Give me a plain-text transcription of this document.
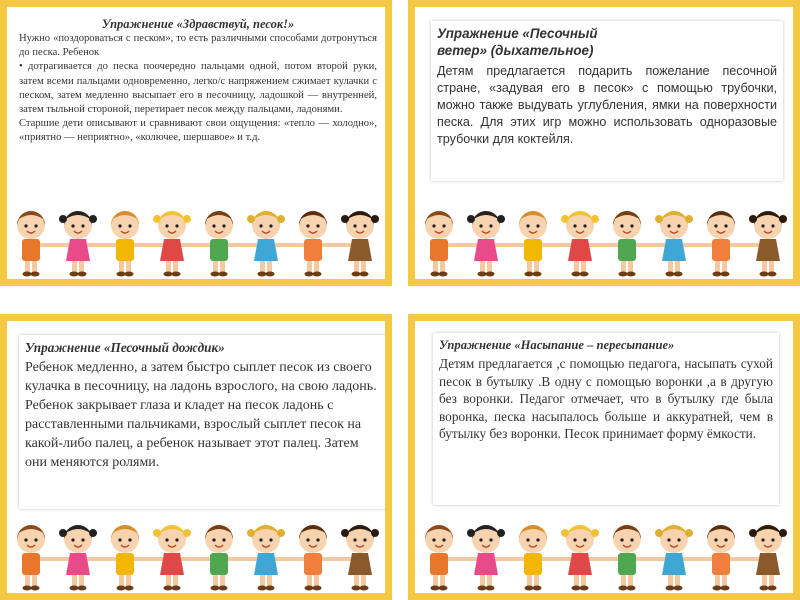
Упражнение «Здравствуй, песок!»

Нужно «поздороваться с песком», то есть различными способами дотронуться до песка. Ребенок

• дотрагивается до песка поочередно пальцами одной, потом второй руки, затем всеми пальцами одновременно, легко/с напряжением сжимает кулачки с песком, затем медленно высыпает его в песочницу, ладошкой — внутренней, затем тыльной стороной, перетирает песок между пальцами, ладонями.

Старшие дети описывают и сравнивают свои ощущения: «тепло — холодно», «приятно — неприятно», «колючее, шершавое» и т.д.

Упражнение «Песочный ветер» (дыхательное)

Детям предлагается подарить пожелание песочной стране, «задувая его в песок» с помощью трубочки, можно также выдувать углубления, ямки на поверхности песка. Для этих игр можно использовать одноразовые трубочки для коктейля.

Упражнение «Песочный дождик»

Ребенок медленно, а затем быстро сыплет песок из своего кулачка в песочницу, на ладонь взрослого, на свою ладонь.

Ребенок закрывает глаза и кладет на песок ладонь с расставленными пальчиками, взрослый сыплет песок на какой-либо палец, а ребенок называет этот палец. Затем они меняются ролями.

Упражнение «Насыпание – пересыпание»

Детям предлагается ,с помощью педагога, насыпать сухой песок в бутылку .В одну с помощью воронки ,а в другую без воронки. Педагог отмечает, что в бутылку где была воронка, песка насыпалось больше и аккуратней, чем в бутылку без воронки. Песок принимает форму ёмкости.
